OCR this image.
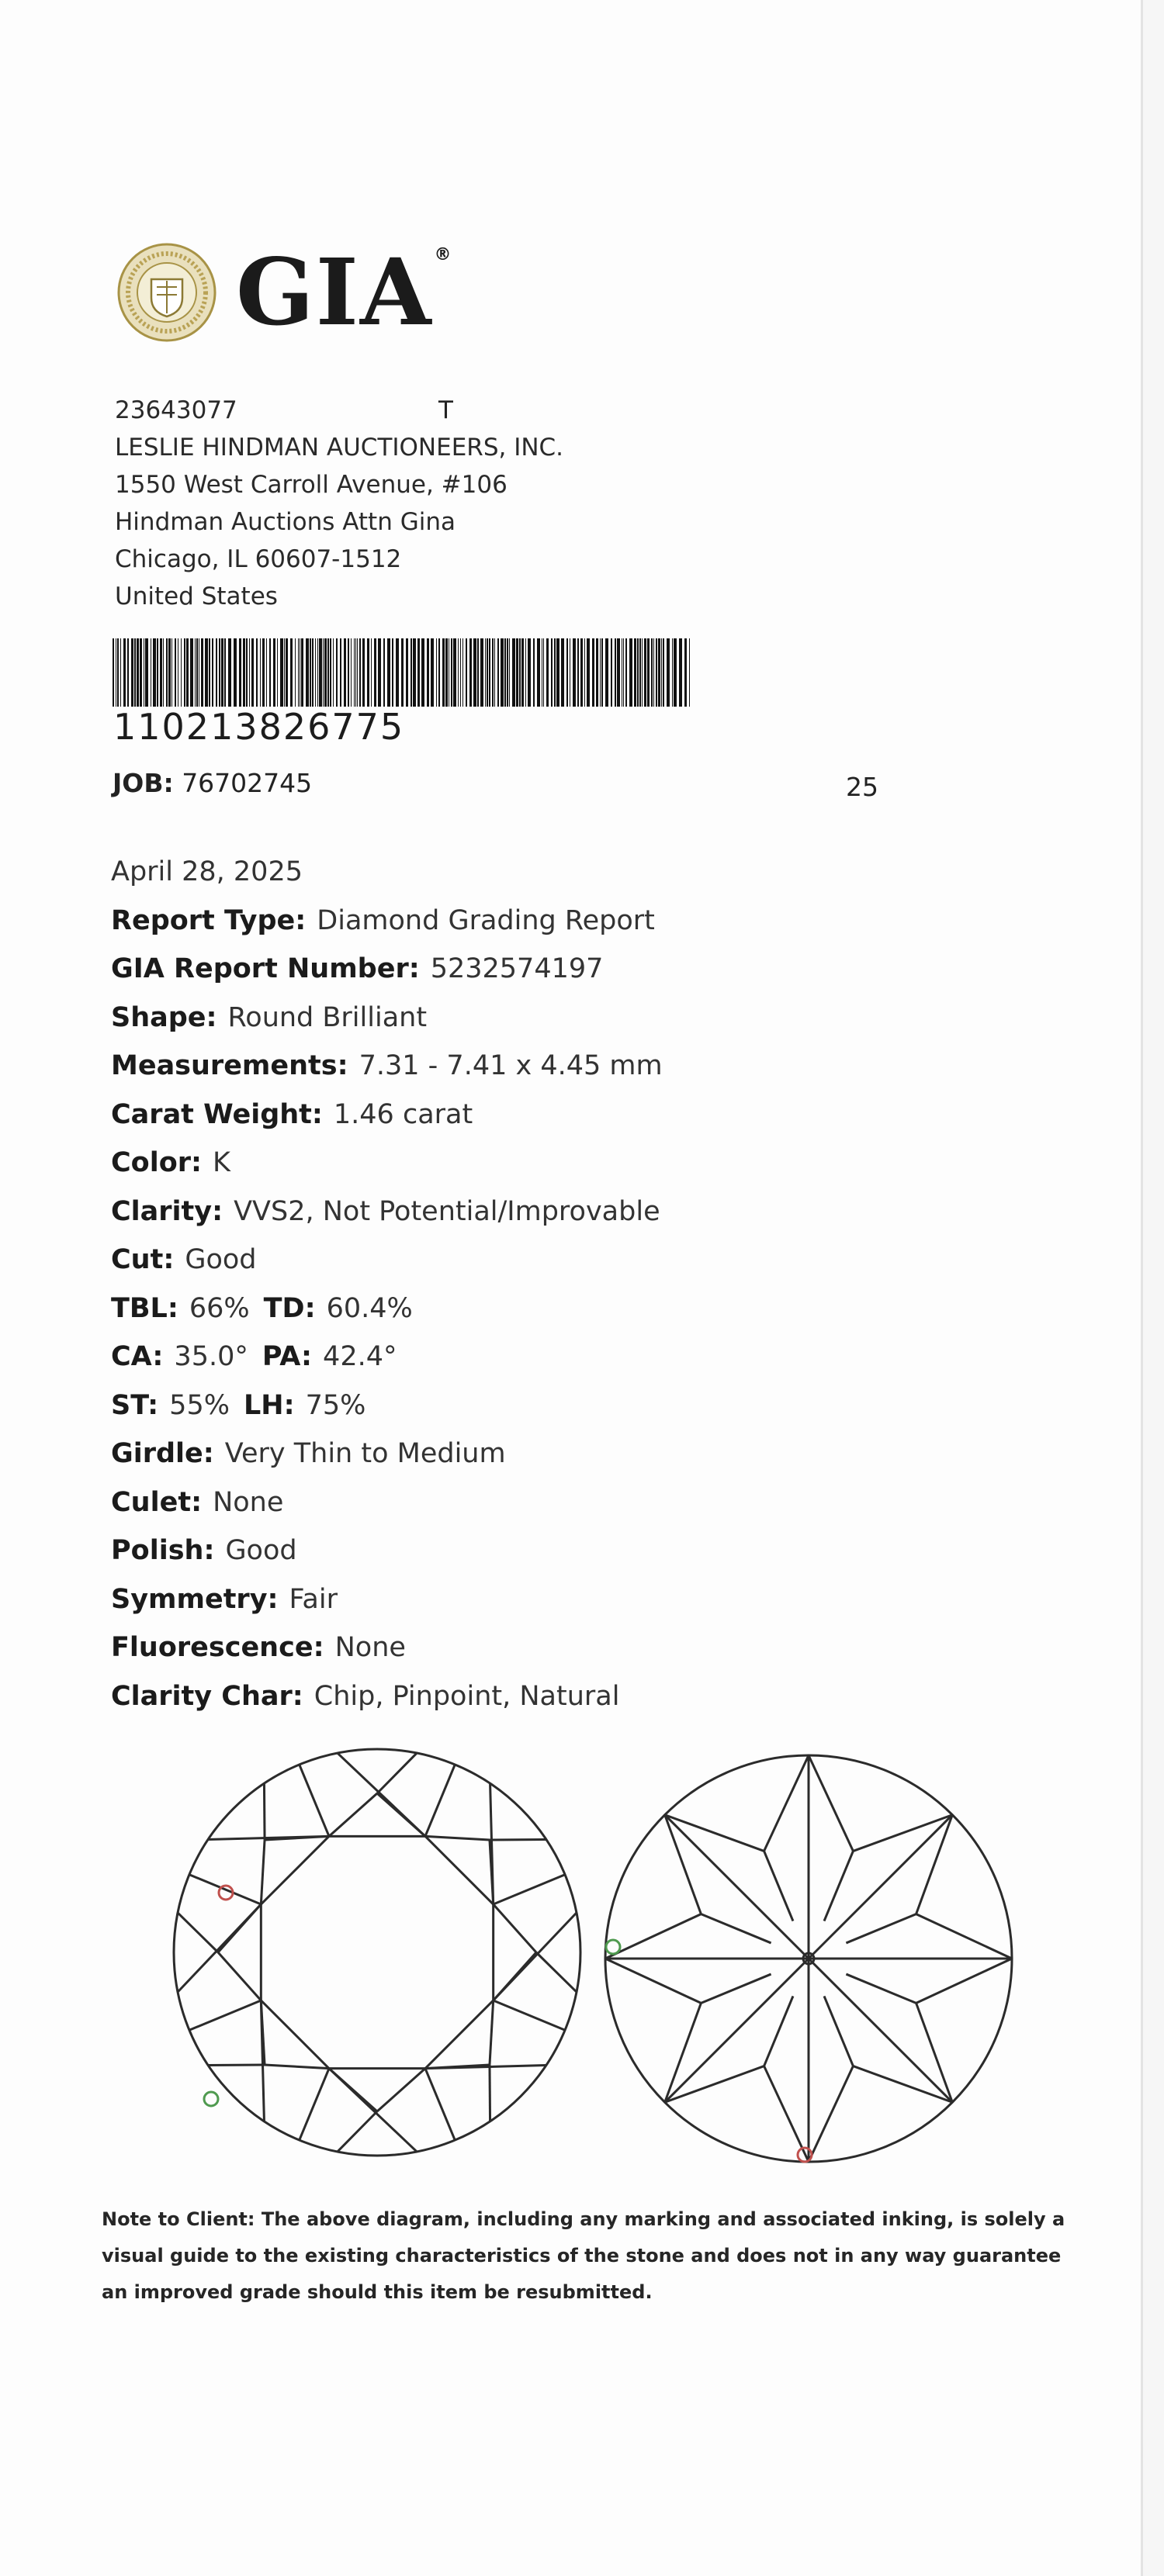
GIA®
23643077
LESLIE HINDMAN AUCTIONEERS, INC.
1550 West Carroll Avenue, #106
Hindman Auctions Attn Gina
Chicago, IL 60607-1512
United States
T
110213826775
JOB: 76702745	25
April 28, 2025
Report Type: Diamond Grading Report
GIA Report Number: 5232574197
Shape: Round Brilliant
Measurements: 7.31 - 7.41 x 4.45 mm
Carat Weight: 1.46 carat
Color: K
Clarity: VVS2, Not Potential/Improvable
Cut: Good
TBL: 66% TD: 60.4%
CA: 35.0° PA: 42.4°
ST: 55% LH: 75%
Girdle: Very Thin to Medium
Culet: None
Polish: Good
Symmetry: Fair
Fluorescence: None
Clarity Char: Chip, Pinpoint, Natural
Note to Client: The above diagram, including any marking and associated inking, is solely a visual guide to the existing characteristics of the stone and does not in any way guarantee an improved grade should this item be resubmitted.
